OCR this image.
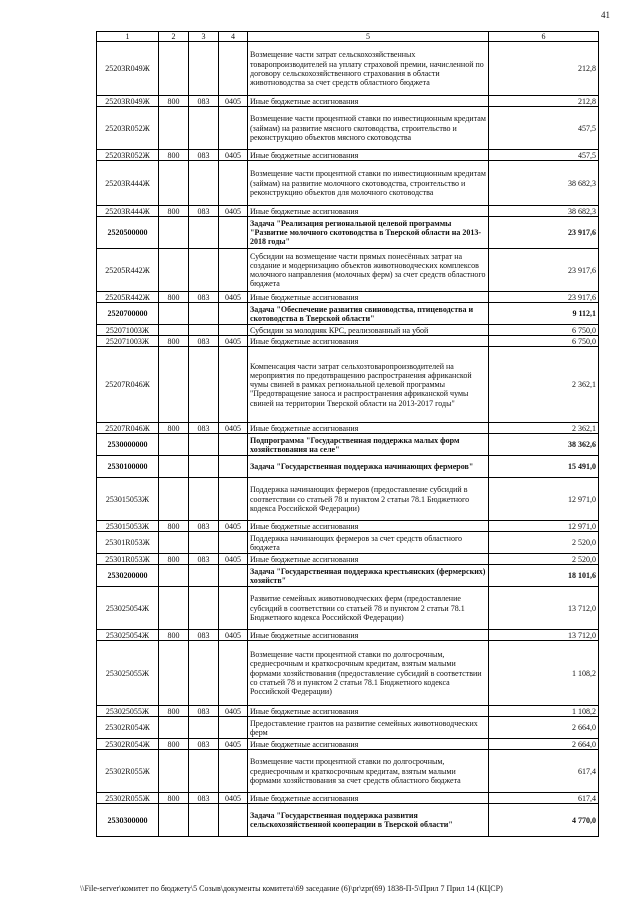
41
1	2	3	4	5	6
25203R049Ж				Возмещение части затрат сельскохозяйственных товаропроизводителей на уплату страховой премии, начисленной по договору сельскохозяйственного страхования в области животноводства за счет средств областного бюджета	212,8
25203R049Ж	800	083	0405	Иные бюджетные ассигнования	212,8
25203R052Ж				Возмещение части процентной ставки по инвестиционным кредитам (займам) на развитие мясного скотоводства, строительство и реконструкцию объектов мясного скотоводства	457,5
25203R052Ж	800	083	0405	Иные бюджетные ассигнования	457,5
25203R444Ж				Возмещение части процентной ставки по инвестиционным кредитам (займам) на развитие молочного скотоводства, строительство и реконструкцию объектов для молочного скотоводства	38 682,3
25203R444Ж	800	083	0405	Иные бюджетные ассигнования	38 682,3
2520500000				Задача "Реализация региональной целевой программы "Развитие молочного скотоводства в Тверской области на 2013-2018 годы"	23 917,6
25205R442Ж				Субсидии на возмещение части прямых понесённых затрат на создание и модернизацию объектов животноводческих комплексов молочного направления (молочных ферм) за счет средств областного бюджета	23 917,6
25205R442Ж	800	083	0405	Иные бюджетные ассигнования	23 917,6
2520700000				Задача "Обеспечение развития свиноводства, птицеводства и скотоводства в Тверской области"	9 112,1
252071003Ж				Субсидии за молодняк КРС, реализованный на убой	6 750,0
252071003Ж	800	083	0405	Иные бюджетные ассигнования	6 750,0
25207R046Ж				Компенсация части затрат сельхозтоваропроизводителей на мероприятия по предотвращению распространения африканской чумы свиней в рамках региональной целевой программы "Предотвращение заноса и распространения африканской чумы свиней на территории Тверской области на 2013-2017 годы"	2 362,1
25207R046Ж	800	083	0405	Иные бюджетные ассигнования	2 362,1
2530000000				Подпрограмма "Государственная поддержка малых форм хозяйствования на селе"	38 362,6
2530100000				Задача "Государственная поддержка начинающих фермеров"	15 491,0
253015053Ж				Поддержка начинающих фермеров (предоставление субсидий в соответствии со статьей 78 и пунктом 2 статьи 78.1 Бюджетного кодекса Российской Федерации)	12 971,0
253015053Ж	800	083	0405	Иные бюджетные ассигнования	12 971,0
25301R053Ж				Поддержка начинающих фермеров за счет средств областного бюджета	2 520,0
25301R053Ж	800	083	0405	Иные бюджетные ассигнования	2 520,0
2530200000				Задача "Государственная поддержка крестьянских (фермерских) хозяйств"	18 101,6
253025054Ж				Развитие семейных животноводческих ферм (предоставление субсидий в соответствии со статьей 78 и пунктом 2 статьи 78.1 Бюджетного кодекса Российской Федерации)	13 712,0
253025054Ж	800	083	0405	Иные бюджетные ассигнования	13 712,0
253025055Ж				Возмещение части процентной ставки по долгосрочным, среднесрочным и краткосрочным кредитам, взятым малыми формами хозяйствования (предоставление субсидий в соответствии со статьей 78 и пунктом 2 статьи 78.1 Бюджетного кодекса Российской Федерации)	1 108,2
253025055Ж	800	083	0405	Иные бюджетные ассигнования	1 108,2
25302R054Ж				Предоставление грантов на развитие семейных животноводческих ферм	2 664,0
25302R054Ж	800	083	0405	Иные бюджетные ассигнования	2 664,0
25302R055Ж				Возмещение части процентной ставки по долгосрочным, среднесрочным и краткосрочным кредитам, взятым малыми формами хозяйствования за счет средств областного бюджета	617,4
25302R055Ж	800	083	0405	Иные бюджетные ассигнования	617,4
2530300000				Задача "Государственная поддержка развития сельскохозяйственной кооперации в Тверской области"	4 770,0
\\File-server\комитет по бюджету\5 Созыв\документы комитета\69 заседание (6)\pr\zpr(69) 1838-П-5\Прил 7 Прил 14 (КЦСР)
